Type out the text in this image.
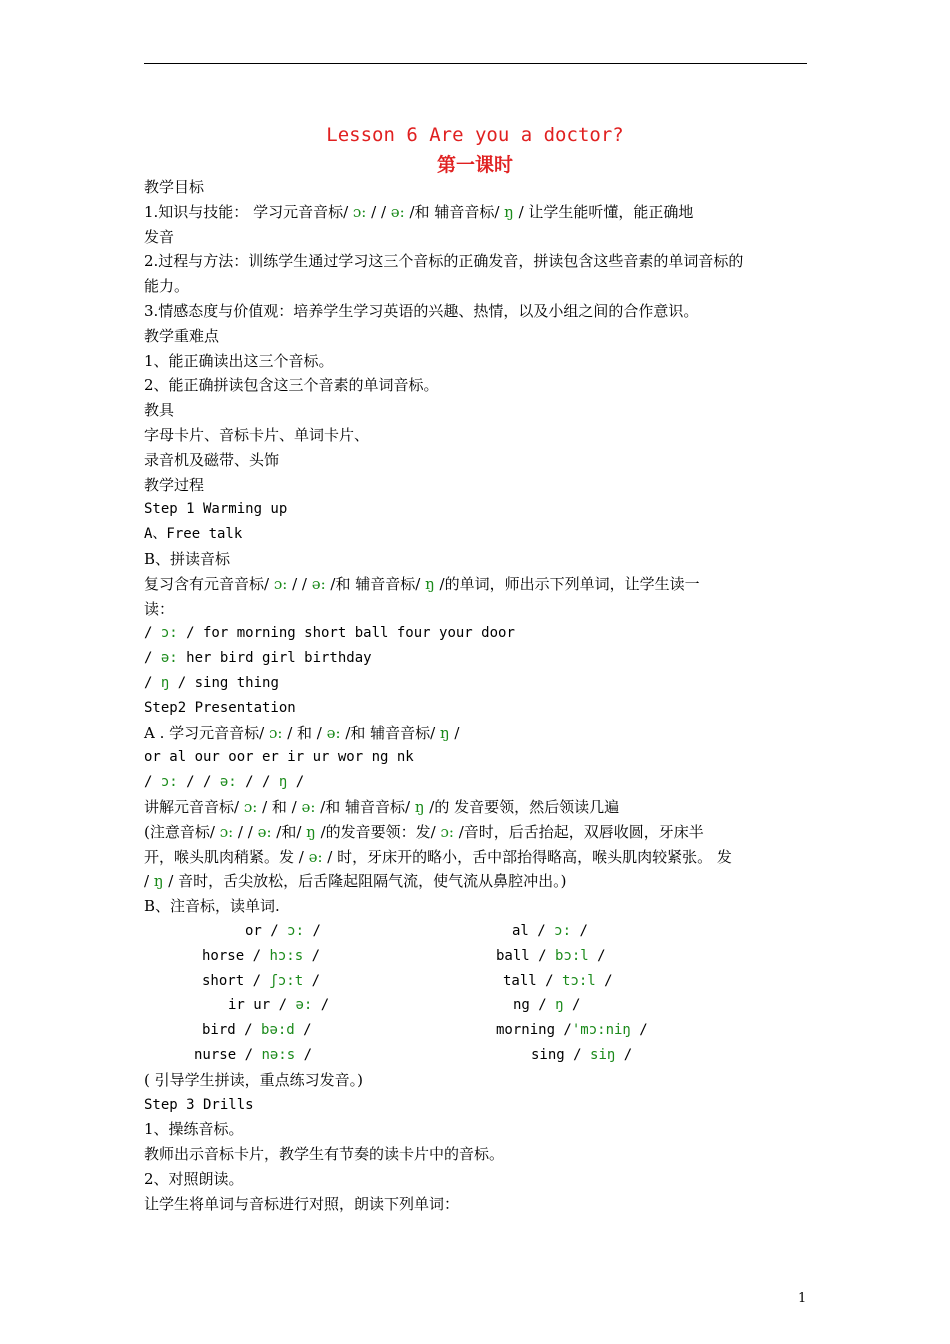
Lesson 6 Are you a doctor?
第一课时
教学目标
1.知识与技能： 学习元音音标/ ɔ: / / ə: /和 辅音音标/ ŋ / 让学生能听懂，能正确地
发音
2.过程与方法：训练学生通过学习这三个音标的正确发音，拼读包含这些音素的单词音标的
能力。
3.情感态度与价值观：培养学生学习英语的兴趣、热情，以及小组之间的合作意识。
教学重难点
1、能正确读出这三个音标。
2、能正确拼读包含这三个音素的单词音标。
教具
字母卡片、音标卡片、单词卡片、
录音机及磁带、头饰
教学过程
Step 1 Warming up
A、Free talk
B、拼读音标
复习含有元音音标/ ɔ: / / ə: /和 辅音音标/ ŋ /的单词，师出示下列单词，让学生读一
读：
/ ɔ: / for morning short ball four your door
/ ə: her bird girl birthday
/ ŋ / sing thing
Step2 Presentation
A . 学习元音音标/ ɔ: / 和 / ə: /和 辅音音标/ ŋ /
or al our oor er ir ur wor ng nk
/ ɔ: / / ə: / / ŋ /
讲解元音音标/ ɔ: / 和 / ə: /和 辅音音标/ ŋ /的 发音要领，然后领读几遍
(注意音标/ ɔ: / / ə: /和/ ŋ /的发音要领：发/ ɔ: /音时，后舌抬起，双唇收圆，牙床半
开，喉头肌肉稍紧。发 / ə: / 时，牙床开的略小，舌中部抬得略高，喉头肌肉较紧张。 发
/ ŋ / 音时，舌尖放松，后舌隆起阻隔气流，使气流从鼻腔冲出。)
B、注音标，读单词.
( 引导学生拼读，重点练习发音。)
Step 3 Drills
1、操练音标。
教师出示音标卡片，教学生有节奏的读卡片中的音标。
2、对照朗读。
让学生将单词与音标进行对照，朗读下列单词：
or / ɔ: /
horse / hɔ:s /
short / ʃɔ:t /
ir ur / ə: /
bird / bə:d /
nurse / nə:s /
al / ɔ: /
ball / bɔ:l /
tall / tɔ:l /
ng / ŋ /
morning /'mɔ:niŋ /
sing / siŋ /
1
